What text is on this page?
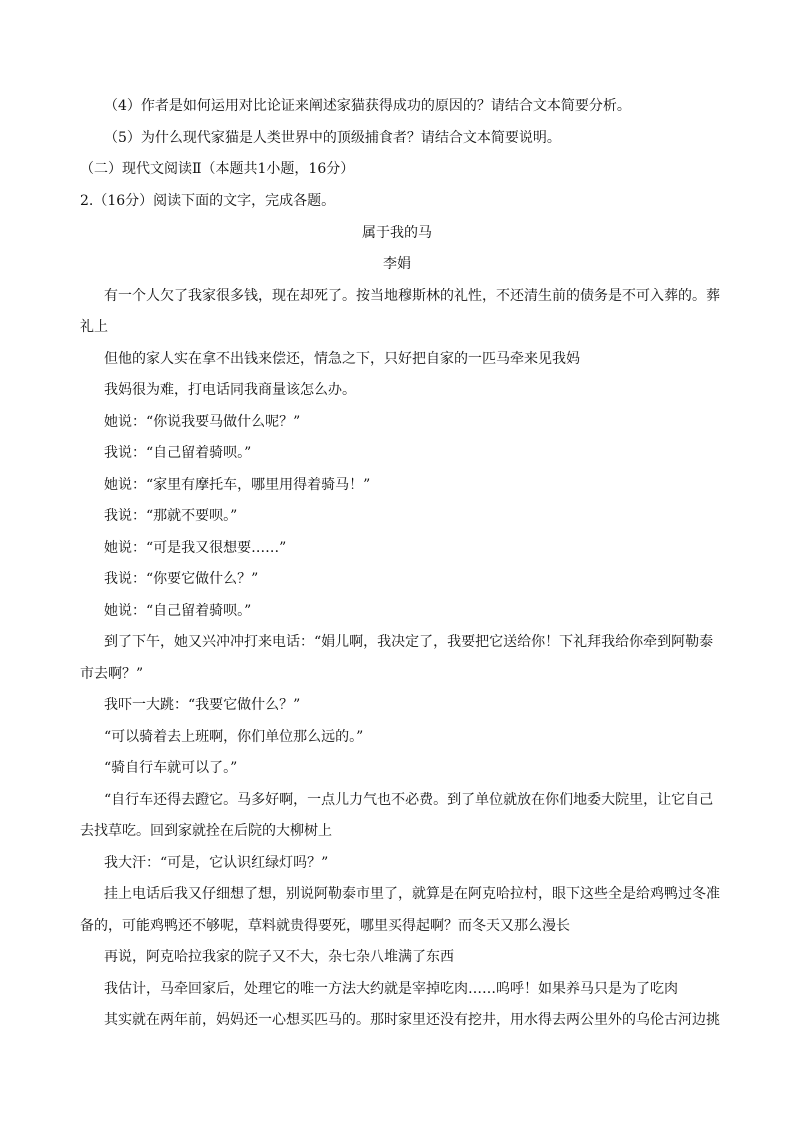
（4）作者是如何运用对比论证来阐述家猫获得成功的原因的？请结合文本简要分析。
（5）为什么现代家猫是人类世界中的顶级捕食者？请结合文本简要说明。
（二）现代文阅读Ⅱ（本题共1小题，16分）
2.（16分）阅读下面的文字，完成各题。
属于我的马
李娟
有一个人欠了我家很多钱，现在却死了。按当地穆斯林的礼性，不还清生前的债务是不可入葬的。葬
礼上
但他的家人实在拿不出钱来偿还，情急之下，只好把自家的一匹马牵来见我妈
我妈很为难，打电话同我商量该怎么办。
她说：“你说我要马做什么呢？”
我说：“自己留着骑呗。”
她说：“家里有摩托车，哪里用得着骑马！”
我说：“那就不要呗。”
她说：“可是我又很想要……”
我说：“你要它做什么？”
她说：“自己留着骑呗。”
到了下午，她又兴冲冲打来电话：“娟儿啊，我决定了，我要把它送给你！下礼拜我给你牵到阿勒泰
市去啊？”
我吓一大跳：“我要它做什么？”
“可以骑着去上班啊，你们单位那么远的。”
“骑自行车就可以了。”
“自行车还得去蹬它。马多好啊，一点儿力气也不必费。到了单位就放在你们地委大院里，让它自己
去找草吃。回到家就拴在后院的大柳树上
我大汗：“可是，它认识红绿灯吗？”
挂上电话后我又仔细想了想，别说阿勒泰市里了，就算是在阿克哈拉村，眼下这些全是给鸡鸭过冬准
备的，可能鸡鸭还不够呢，草料就贵得要死，哪里买得起啊？而冬天又那么漫长
再说，阿克哈拉我家的院子又不大，杂七杂八堆满了东西
我估计，马牵回家后，处理它的唯一方法大约就是宰掉吃肉……呜呼！如果养马只是为了吃肉
其实就在两年前，妈妈还一心想买匹马的。那时家里还没有挖井，用水得去两公里外的乌伦古河边挑
